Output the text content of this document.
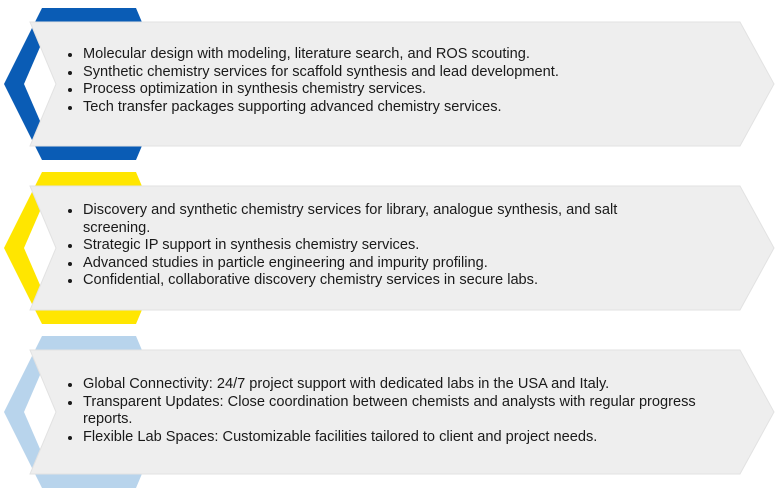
Molecular design with modeling, literature search, and ROS scouting.
Synthetic chemistry services for scaffold synthesis and lead development.
Process optimization in synthesis chemistry services.
Tech transfer packages supporting advanced chemistry services.
Discovery and synthetic chemistry services for library, analogue synthesis, and salt screening.
Strategic IP support in synthesis chemistry services.
Advanced studies in particle engineering and impurity profiling.
Confidential, collaborative discovery chemistry services in secure labs.
Global Connectivity: 24/7 project support with dedicated labs in the USA and Italy.
Transparent Updates: Close coordination between chemists and analysts with regular progress reports.
Flexible Lab Spaces: Customizable facilities tailored to client and project needs.
